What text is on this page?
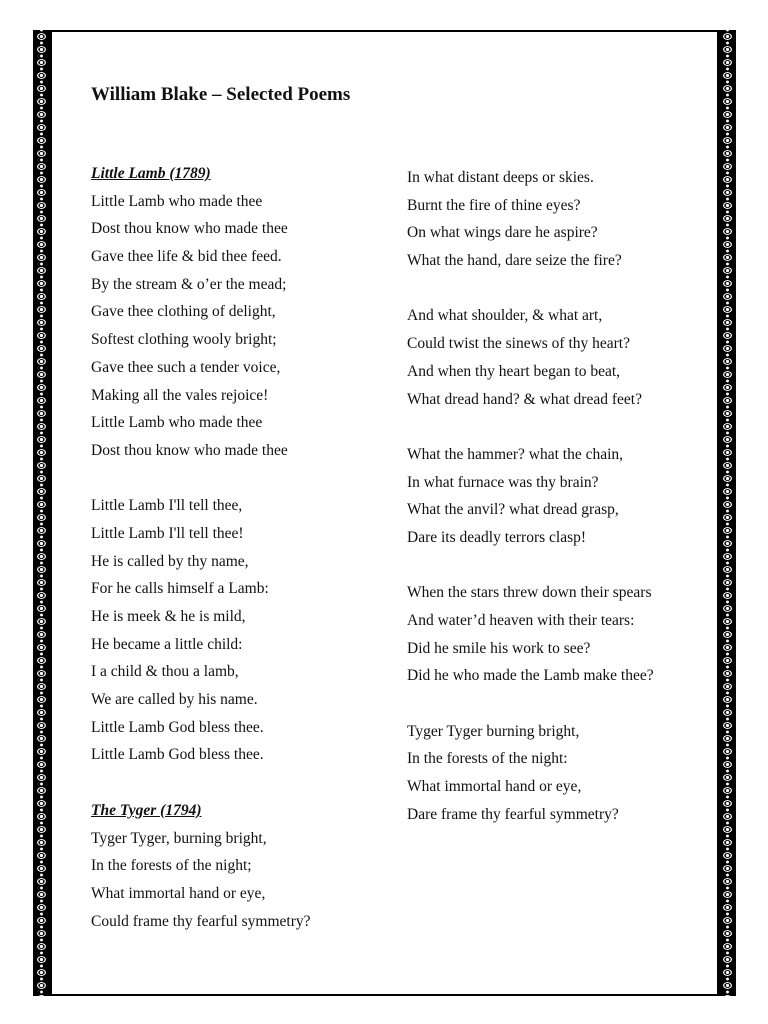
William Blake – Selected Poems
Little Lamb (1789)
Little Lamb who made thee
Dost thou know who made thee
Gave thee life & bid thee feed.
By the stream & o’er the mead;
Gave thee clothing of delight,
Softest clothing wooly bright;
Gave thee such a tender voice,
Making all the vales rejoice!
Little Lamb who made thee
Dost thou know who made thee
Little Lamb I'll tell thee,
Little Lamb I'll tell thee!
He is called by thy name,
For he calls himself a Lamb:
He is meek & he is mild,
He became a little child:
I a child & thou a lamb,
We are called by his name.
Little Lamb God bless thee.
Little Lamb God bless thee.
The Tyger (1794)
Tyger Tyger, burning bright,
In the forests of the night;
What immortal hand or eye,
Could frame thy fearful symmetry?
In what distant deeps or skies.
Burnt the fire of thine eyes?
On what wings dare he aspire?
What the hand, dare seize the fire?
And what shoulder, & what art,
Could twist the sinews of thy heart?
And when thy heart began to beat,
What dread hand? & what dread feet?
What the hammer? what the chain,
In what furnace was thy brain?
What the anvil? what dread grasp,
Dare its deadly terrors clasp!
When the stars threw down their spears
And water’d heaven with their tears:
Did he smile his work to see?
Did he who made the Lamb make thee?
Tyger Tyger burning bright,
In the forests of the night:
What immortal hand or eye,
Dare frame thy fearful symmetry?
